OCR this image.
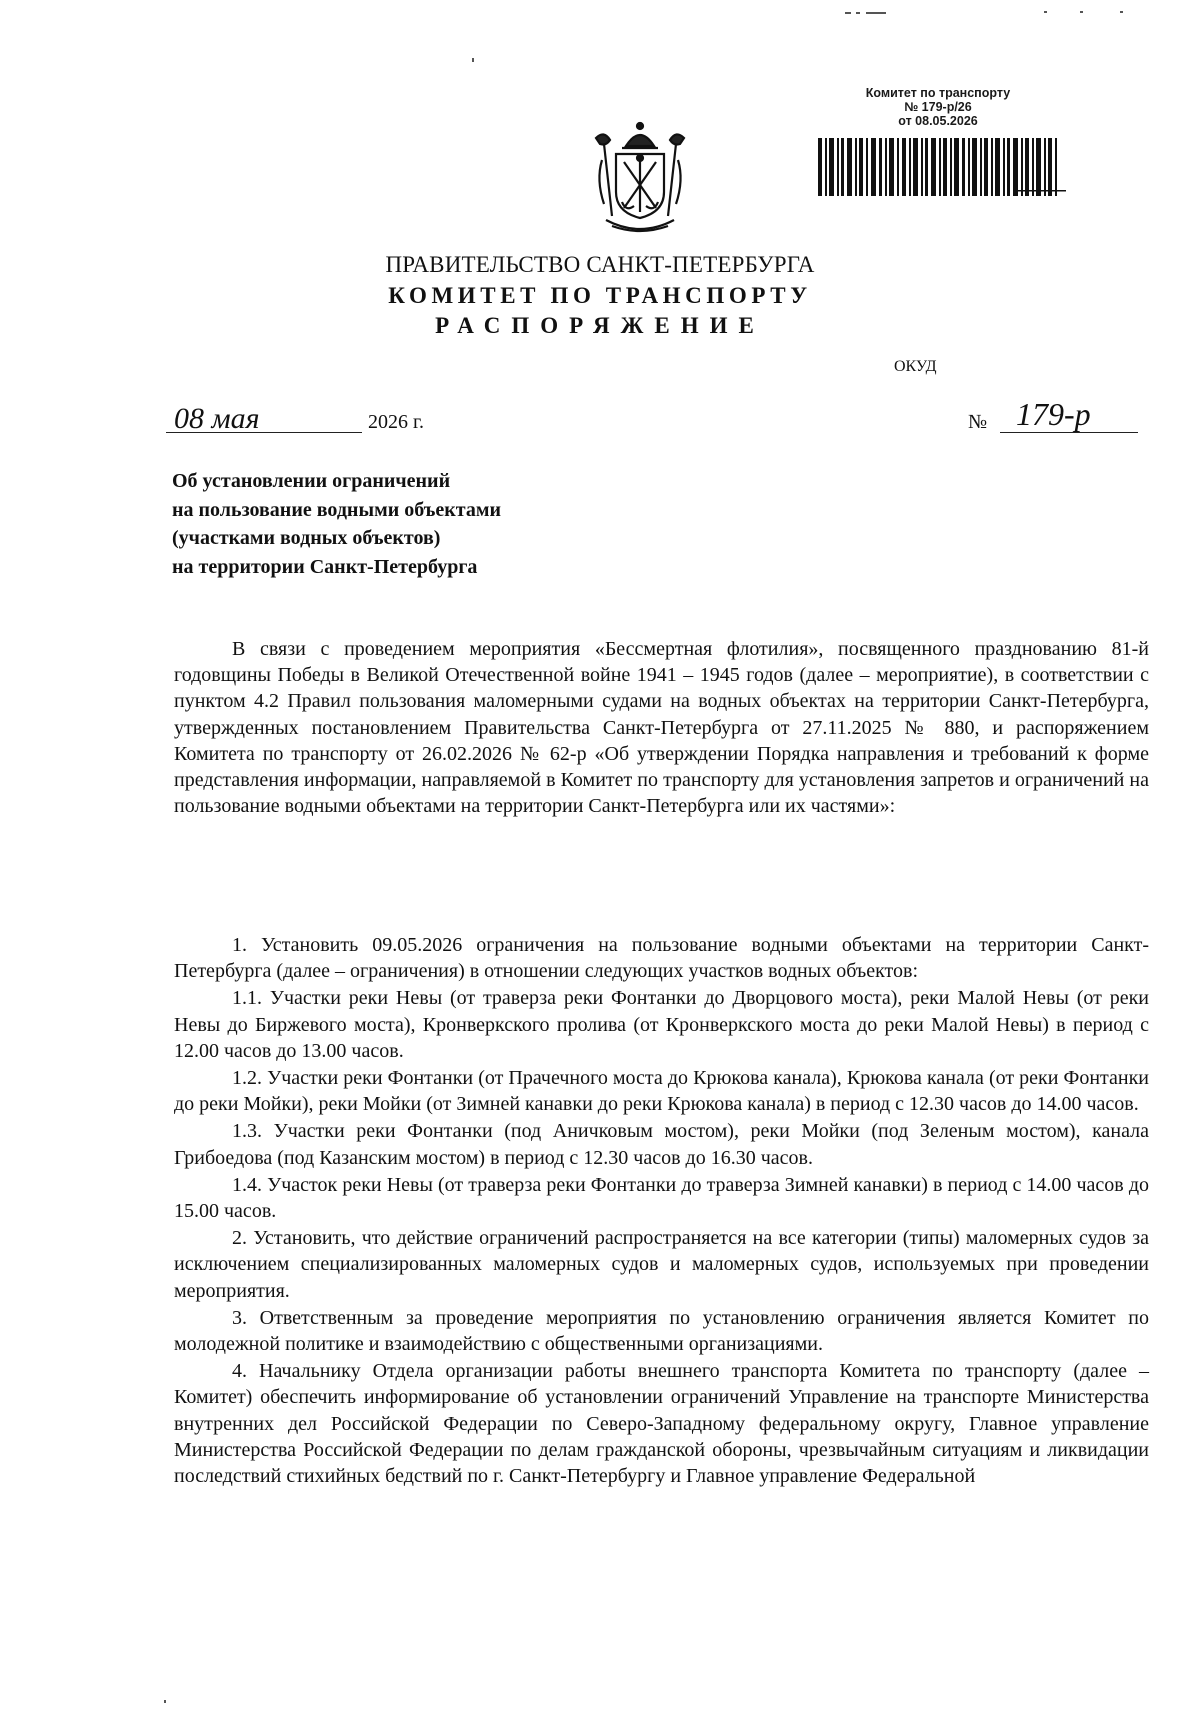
Комитет по транспорту
№ 179-р/26
от 08.05.2026
ПРАВИТЕЛЬСТВО САНКТ-ПЕТЕРБУРГА
КОМИТЕТ ПО ТРАНСПОРТУ
РАСПОРЯЖЕНИЕ
ОКУД
08 мая	2026 г.	№ 179-р
Об установлении ограничений
на пользование водными объектами
(участками водных объектов)
на территории Санкт-Петербурга

В связи с проведением мероприятия «Бессмертная флотилия», посвященного празднованию 81-й годовщины Победы в Великой Отечественной войне 1941 – 1945 годов (далее – мероприятие), в соответствии с пунктом 4.2 Правил пользования маломерными судами на водных объектах на территории Санкт-Петербурга, утвержденных постановлением Правительства Санкт-Петербурга от 27.11.2025 № 880, и распоряжением Комитета по транспорту от 26.02.2026 № 62-р «Об утверждении Порядка направления и требований к форме представления информации, направляемой в Комитет по транспорту для установления запретов и ограничений на пользование водными объектами на территории Санкт-Петербурга или их частями»:

1. Установить 09.05.2026 ограничения на пользование водными объектами на территории Санкт-Петербурга (далее – ограничения) в отношении следующих участков водных объектов:

1.1. Участки реки Невы (от траверза реки Фонтанки до Дворцового моста), реки Малой Невы (от реки Невы до Биржевого моста), Кронверкского пролива (от Кронверкского моста до реки Малой Невы) в период с 12.00 часов до 13.00 часов.

1.2. Участки реки Фонтанки (от Прачечного моста до Крюкова канала), Крюкова канала (от реки Фонтанки до реки Мойки), реки Мойки (от Зимней канавки до реки Крюкова канала) в период с 12.30 часов до 14.00 часов.

1.3. Участки реки Фонтанки (под Аничковым мостом), реки Мойки (под Зеленым мостом), канала Грибоедова (под Казанским мостом) в период с 12.30 часов до 16.30 часов.

1.4. Участок реки Невы (от траверза реки Фонтанки до траверза Зимней канавки) в период с 14.00 часов до 15.00 часов.

2. Установить, что действие ограничений распространяется на все категории (типы) маломерных судов за исключением специализированных маломерных судов и маломерных судов, используемых при проведении мероприятия.

3. Ответственным за проведение мероприятия по установлению ограничения является Комитет по молодежной политике и взаимодействию с общественными организациями.

4. Начальнику Отдела организации работы внешнего транспорта Комитета по транспорту (далее – Комитет) обеспечить информирование об установлении ограничений Управление на транспорте Министерства внутренних дел Российской Федерации по Северо-Западному федеральному округу, Главное управление Министерства Российской Федерации по делам гражданской обороны, чрезвычайным ситуациям и ликвидации последствий стихийных бедствий по г. Санкт-Петербургу и Главное управление Федеральной
